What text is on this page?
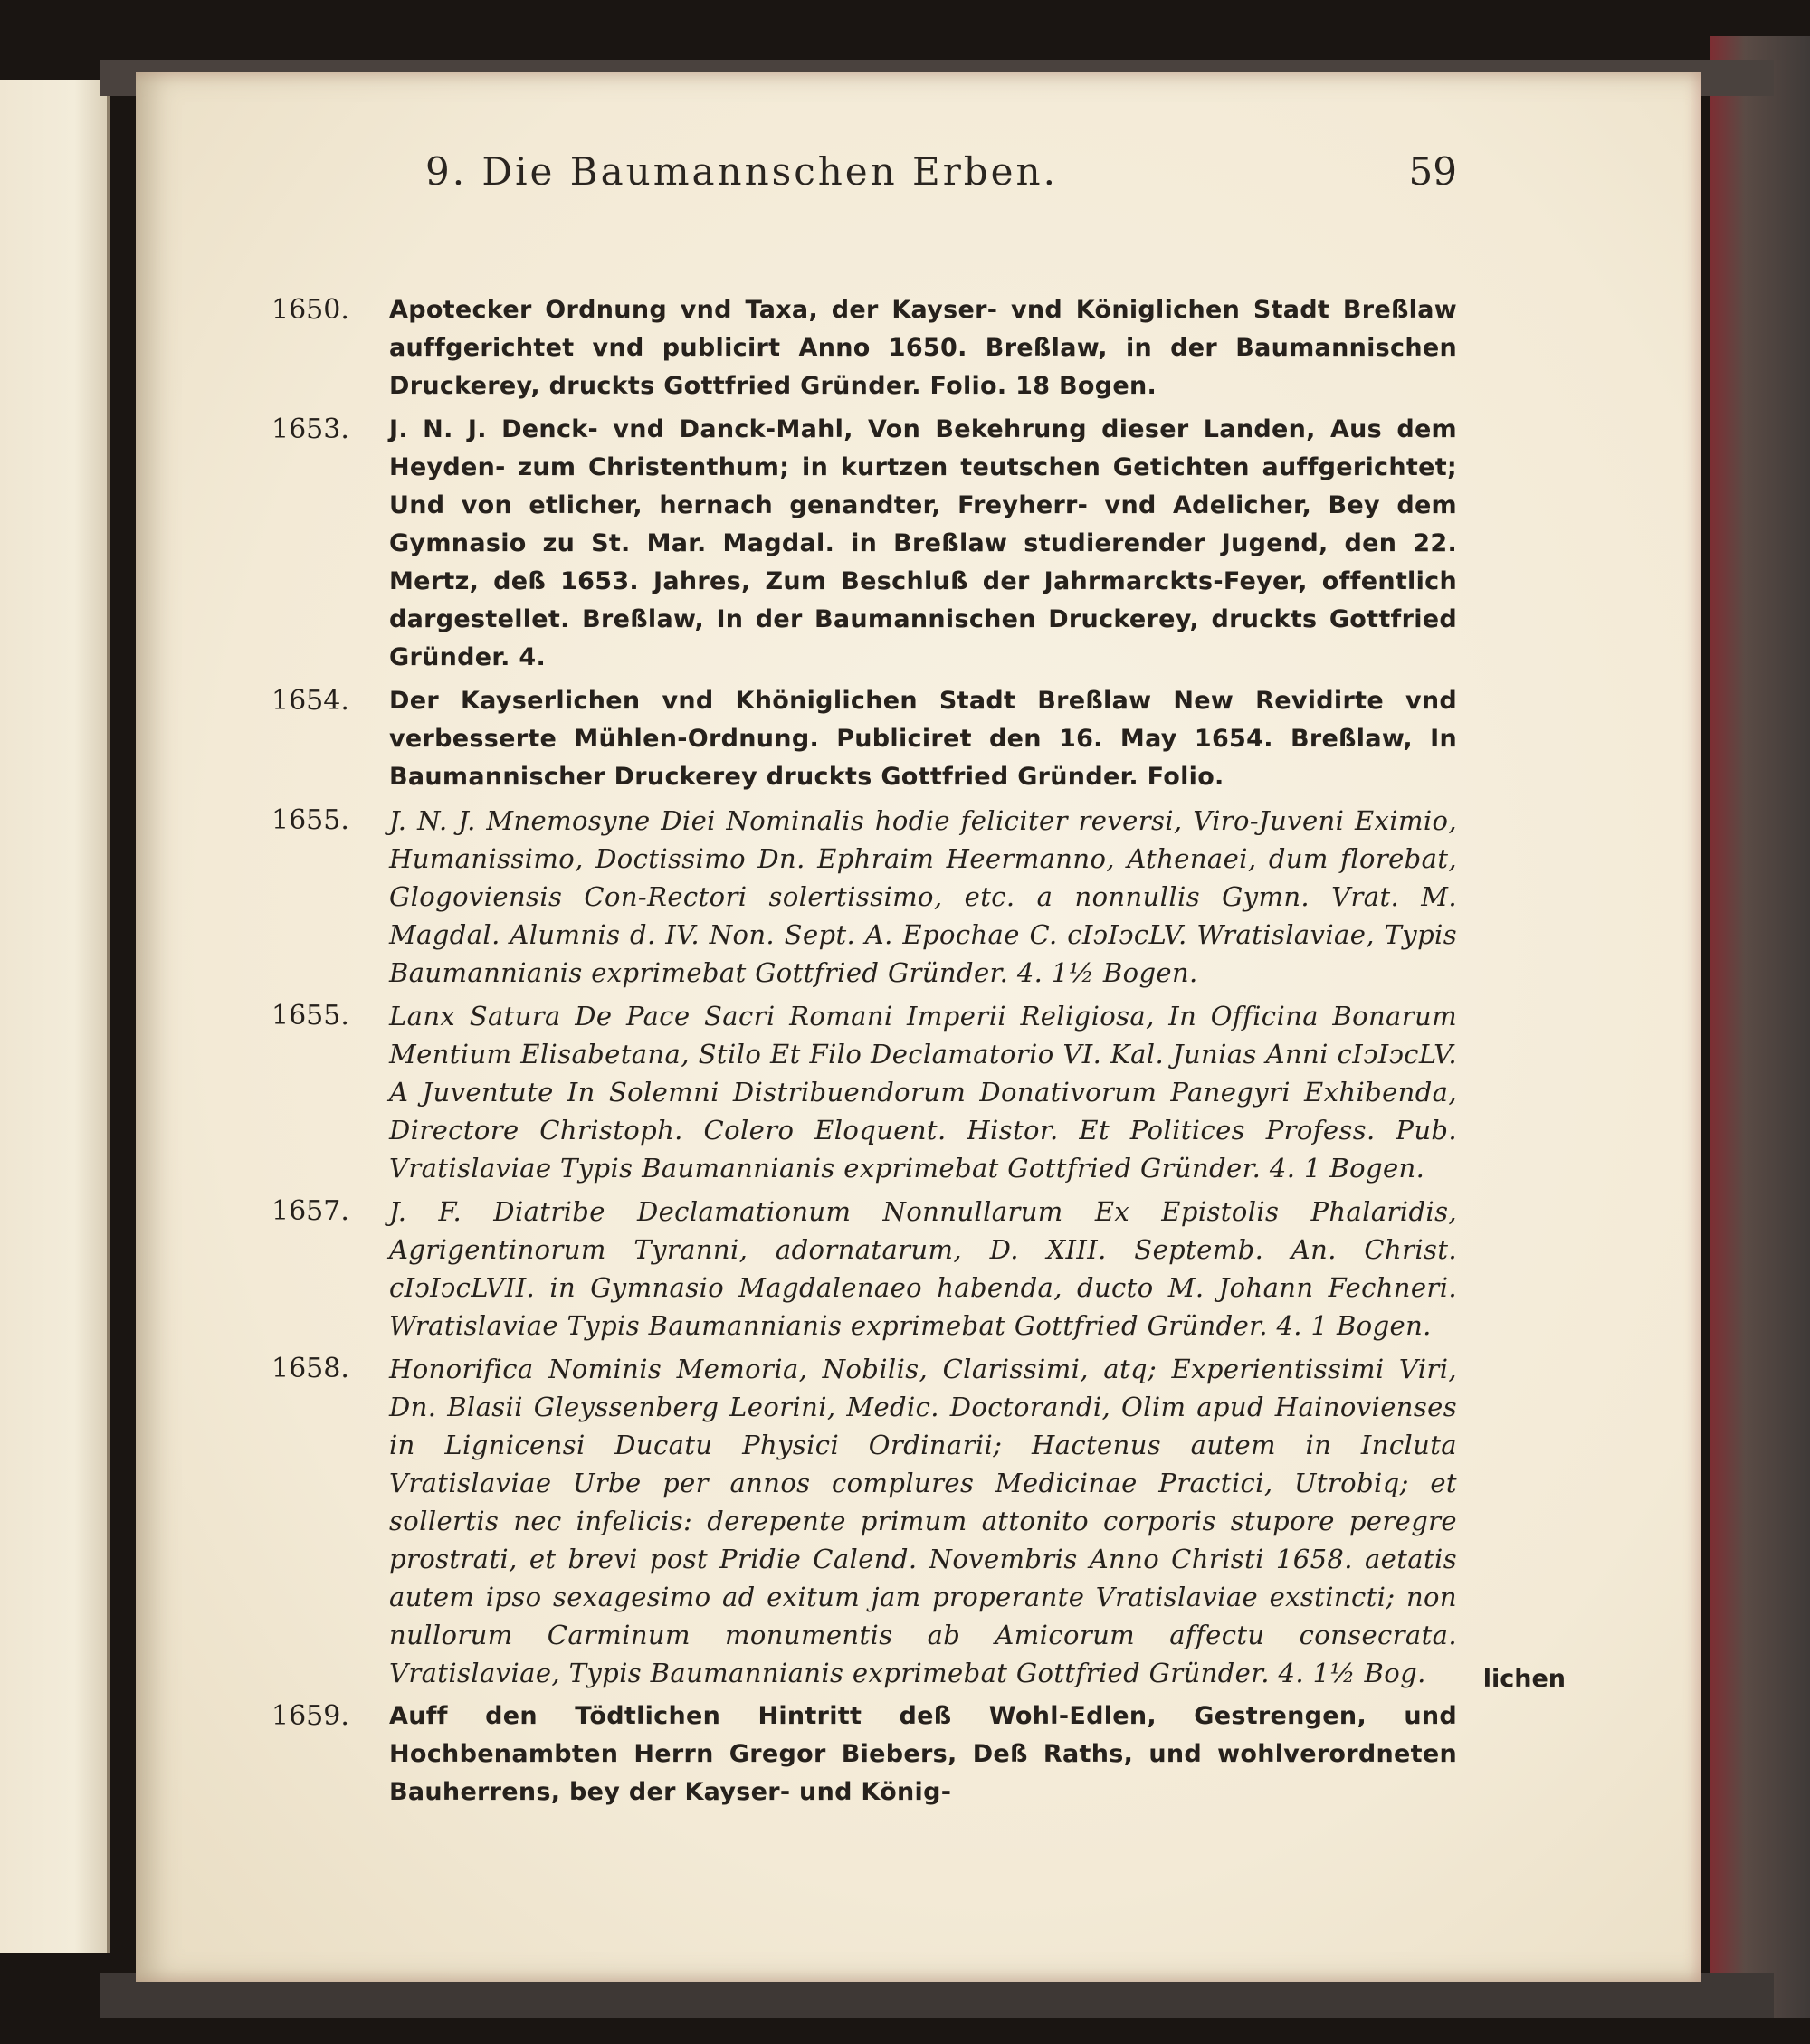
9. Die Baumannschen Erben.	59
1650.	Apotecker Ordnung vnd Taxa, der Kayser- vnd Königlichen Stadt Breßlaw auffgerichtet vnd publicirt Anno 1650. Breßlaw, in der Baumannischen Druckerey, druckts Gottfried Gründer. Folio. 18 Bogen.
1653.	J. N. J. Denck- vnd Danck-Mahl, Von Bekehrung dieser Landen, Aus dem Heyden- zum Christenthum; in kurtzen teutschen Getichten auffgerichtet; Und von etlicher, hernach genandter, Freyherr- vnd Adelicher, Bey dem Gymnasio zu St. Mar. Magdal. in Breßlaw studierender Jugend, den 22. Mertz, deß 1653. Jahres, Zum Beschluß der Jahrmarckts-Feyer, offentlich dargestellet. Breßlaw, In der Baumannischen Druckerey, druckts Gottfried Gründer. 4.
1654.	Der Kayserlichen vnd Khöniglichen Stadt Breßlaw New Revidirte vnd verbesserte Mühlen-Ordnung. Publiciret den 16. May 1654. Breßlaw, In Baumannischer Druckerey druckts Gottfried Gründer. Folio.
1655.	J. N. J. Mnemosyne Diei Nominalis hodie feliciter reversi, Viro-Juveni Eximio, Humanissimo, Doctissimo Dn. Ephraim Heermanno, Athenaei, dum florebat, Glogoviensis Con-Rectori solertissimo, etc. a nonnullis Gymn. Vrat. M. Magdal. Alumnis d. IV. Non. Sept. A. Epochae C. cIↄIↄcLV. Wratislaviae, Typis Baumannianis exprimebat Gottfried Gründer. 4. 1½ Bogen.
1655.	Lanx Satura De Pace Sacri Romani Imperii Religiosa, In Officina Bonarum Mentium Elisabetana, Stilo Et Filo Declamatorio VI. Kal. Junias Anni cIↄIↄcLV. A Juventute In Solemni Distribuendorum Donativorum Panegyri Exhibenda, Directore Christoph. Colero Eloquent. Histor. Et Politices Profess. Pub. Vratislaviae Typis Baumannianis exprimebat Gottfried Gründer. 4. 1 Bogen.
1657.	J. F. Diatribe Declamationum Nonnullarum Ex Epistolis Phalaridis, Agrigentinorum Tyranni, adornatarum, D. XIII. Septemb. An. Christ. cIↄIↄcLVII. in Gymnasio Magdalenaeo habenda, ducto M. Johann Fechneri. Wratislaviae Typis Baumannianis exprimebat Gottfried Gründer. 4. 1 Bogen.
1658.	Honorifica Nominis Memoria, Nobilis, Clarissimi, atq; Experientissimi Viri, Dn. Blasii Gleyssenberg Leorini, Medic. Doctorandi, Olim apud Hainovienses in Lignicensi Ducatu Physici Ordinarii; Hactenus autem in Incluta Vratislaviae Urbe per annos complures Medicinae Practici, Utrobiq; et sollertis nec infelicis: derepente primum attonito corporis stupore peregre prostrati, et brevi post Pridie Calend. Novembris Anno Christi 1658. aetatis autem ipso sexagesimo ad exitum jam properante Vratislaviae exstincti; non nullorum Carminum monumentis ab Amicorum affectu consecrata. Vratislaviae, Typis Baumannianis exprimebat Gottfried Gründer. 4. 1½ Bog.
1659.	Auff den Tödtlichen Hintritt deß Wohl-Edlen, Gestrengen, und Hochbenambten Herrn Gregor Biebers, Deß Raths, und wohlverordneten Bauherrens, bey der Kayser- und König-
lichen
